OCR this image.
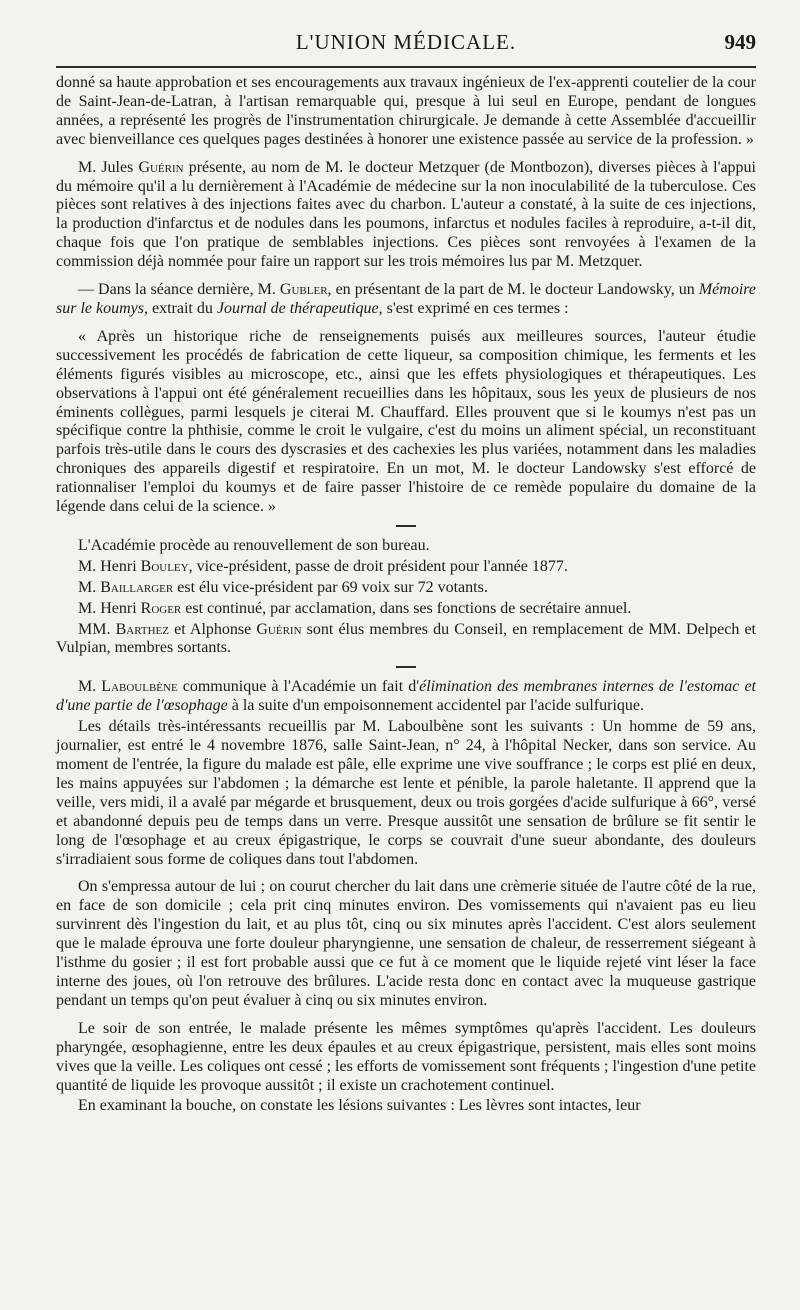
L'UNION MÉDICALE.	949

donné sa haute approbation et ses encouragements aux travaux ingénieux de l'ex-apprenti coutelier de la cour de Saint-Jean-de-Latran, à l'artisan remarquable qui, presque à lui seul en Europe, pendant de longues années, a représenté les progrès de l'instrumentation chirurgicale. Je demande à cette Assemblée d'accueillir avec bienveillance ces quelques pages destinées à honorer une existence passée au service de la profession. »

M. Jules Guérin présente, au nom de M. le docteur Metzquer (de Montbozon), diverses pièces à l'appui du mémoire qu'il a lu dernièrement à l'Académie de médecine sur la non inoculabilité de la tuberculose. Ces pièces sont relatives à des injections faites avec du charbon. L'auteur a constaté, à la suite de ces injections, la production d'infarctus et de nodules dans les poumons, infarctus et nodules faciles à reproduire, a-t-il dit, chaque fois que l'on pratique de semblables injections. Ces pièces sont renvoyées à l'examen de la commission déjà nommée pour faire un rapport sur les trois mémoires lus par M. Metzquer.

— Dans la séance dernière, M. Gubler, en présentant de la part de M. le docteur Landowsky, un Mémoire sur le koumys, extrait du Journal de thérapeutique, s'est exprimé en ces termes :

« Après un historique riche de renseignements puisés aux meilleures sources, l'auteur étudie successivement les procédés de fabrication de cette liqueur, sa composition chimique, les ferments et les éléments figurés visibles au microscope, etc., ainsi que les effets physiologiques et thérapeutiques. Les observations à l'appui ont été généralement recueillies dans les hôpitaux, sous les yeux de plusieurs de nos éminents collègues, parmi lesquels je citerai M. Chauffard. Elles prouvent que si le koumys n'est pas un spécifique contre la phthisie, comme le croit le vulgaire, c'est du moins un aliment spécial, un reconstituant parfois très-utile dans le cours des dyscrasies et des cachexies les plus variées, notamment dans les maladies chroniques des appareils digestif et respiratoire. En un mot, M. le docteur Landowsky s'est efforcé de rationnaliser l'emploi du koumys et de faire passer l'histoire de ce remède populaire du domaine de la légende dans celui de la science. »

L'Académie procède au renouvellement de son bureau.

M. Henri Bouley, vice-président, passe de droit président pour l'année 1877.

M. Baillarger est élu vice-président par 69 voix sur 72 votants.

M. Henri Roger est continué, par acclamation, dans ses fonctions de secrétaire annuel.

MM. Barthez et Alphonse Guérin sont élus membres du Conseil, en remplacement de MM. Delpech et Vulpian, membres sortants.

M. Laboulbène communique à l'Académie un fait d'élimination des membranes internes de l'estomac et d'une partie de l'œsophage à la suite d'un empoisonnement accidentel par l'acide sulfurique.

Les détails très-intéressants recueillis par M. Laboulbène sont les suivants : Un homme de 59 ans, journalier, est entré le 4 novembre 1876, salle Saint-Jean, n° 24, à l'hôpital Necker, dans son service. Au moment de l'entrée, la figure du malade est pâle, elle exprime une vive souffrance ; le corps est plié en deux, les mains appuyées sur l'abdomen ; la démarche est lente et pénible, la parole haletante. Il apprend que la veille, vers midi, il a avalé par mégarde et brusquement, deux ou trois gorgées d'acide sulfurique à 66°, versé et abandonné depuis peu de temps dans un verre. Presque aussitôt une sensation de brûlure se fit sentir le long de l'œsophage et au creux épigastrique, le corps se couvrait d'une sueur abondante, des douleurs s'irradiaient sous forme de coliques dans tout l'abdomen.

On s'empressa autour de lui ; on courut chercher du lait dans une crèmerie située de l'autre côté de la rue, en face de son domicile ; cela prit cinq minutes environ. Des vomissements qui n'avaient pas eu lieu survinrent dès l'ingestion du lait, et au plus tôt, cinq ou six minutes après l'accident. C'est alors seulement que le malade éprouva une forte douleur pharyngienne, une sensation de chaleur, de resserrement siégeant à l'isthme du gosier ; il est fort probable aussi que ce fut à ce moment que le liquide rejeté vint léser la face interne des joues, où l'on retrouve des brûlures. L'acide resta donc en contact avec la muqueuse gastrique pendant un temps qu'on peut évaluer à cinq ou six minutes environ.

Le soir de son entrée, le malade présente les mêmes symptômes qu'après l'accident. Les douleurs pharyngée, œsophagienne, entre les deux épaules et au creux épigastrique, persistent, mais elles sont moins vives que la veille. Les coliques ont cessé ; les efforts de vomissement sont fréquents ; l'ingestion d'une petite quantité de liquide les provoque aussitôt ; il existe un crachotement continuel.

En examinant la bouche, on constate les lésions suivantes : Les lèvres sont intactes, leur
